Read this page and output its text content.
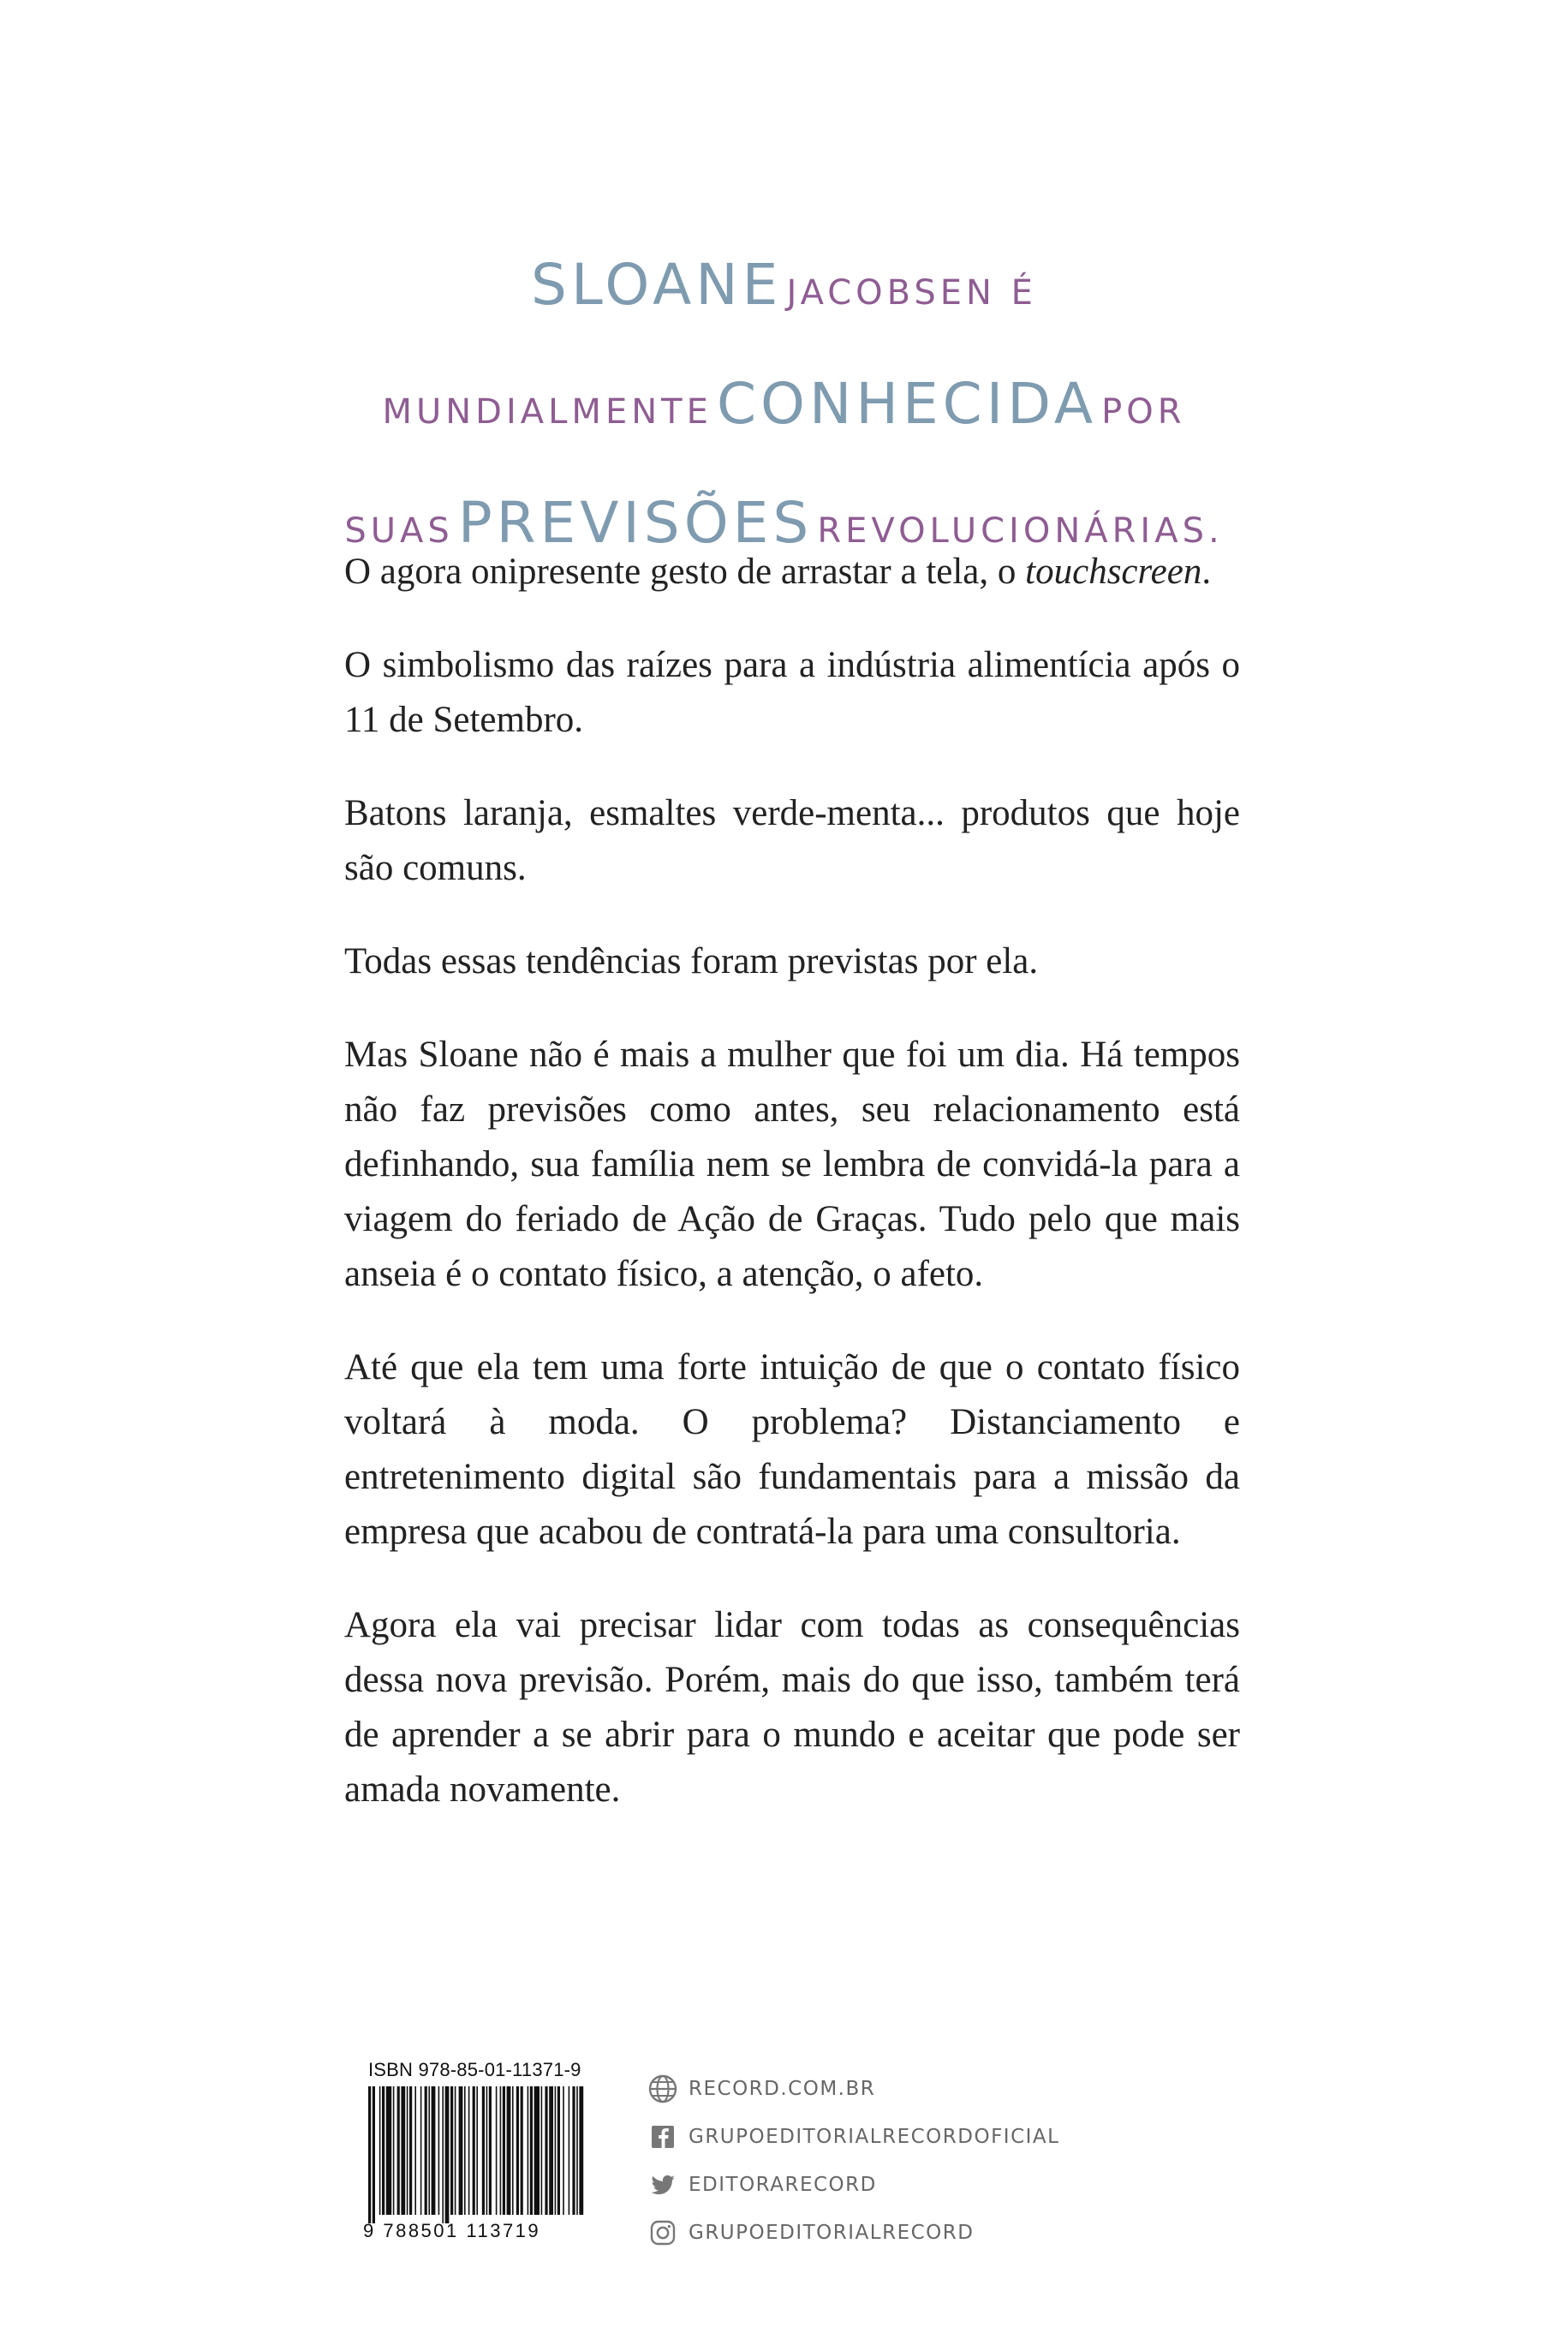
SLOANE JACOBSEN É
MUNDIALMENTE CONHECIDA POR
SUAS PREVISÕES REVOLUCIONÁRIAS.

O agora onipresente gesto de arrastar a tela, o touchscreen.

O simbolismo das raízes para a indústria alimentícia após o 11 de Setembro.

Batons laranja, esmaltes verde-menta... produtos que hoje são comuns.

Todas essas tendências foram previstas por ela.

Mas Sloane não é mais a mulher que foi um dia. Há tempos não faz previsões como antes, seu relacionamento está definhando, sua família nem se lembra de convidá-la para a viagem do feriado de Ação de Graças. Tudo pelo que mais anseia é o contato físico, a atenção, o afeto.

Até que ela tem uma forte intuição de que o contato físico voltará à moda. O problema? Distanciamento e entretenimento digital são fundamentais para a missão da empresa que acabou de contratá-la para uma consultoria.

Agora ela vai precisar lidar com todas as consequências dessa nova previsão. Porém, mais do que isso, também terá de aprender a se abrir para o mundo e aceitar que pode ser amada novamente.

ISBN 978-85-01-11371-9
9 788501 113719
RECORD.COM.BR
GRUPOEDITORIALRECORDOFICIAL
EDITORARECORD
GRUPOEDITORIALRECORD
